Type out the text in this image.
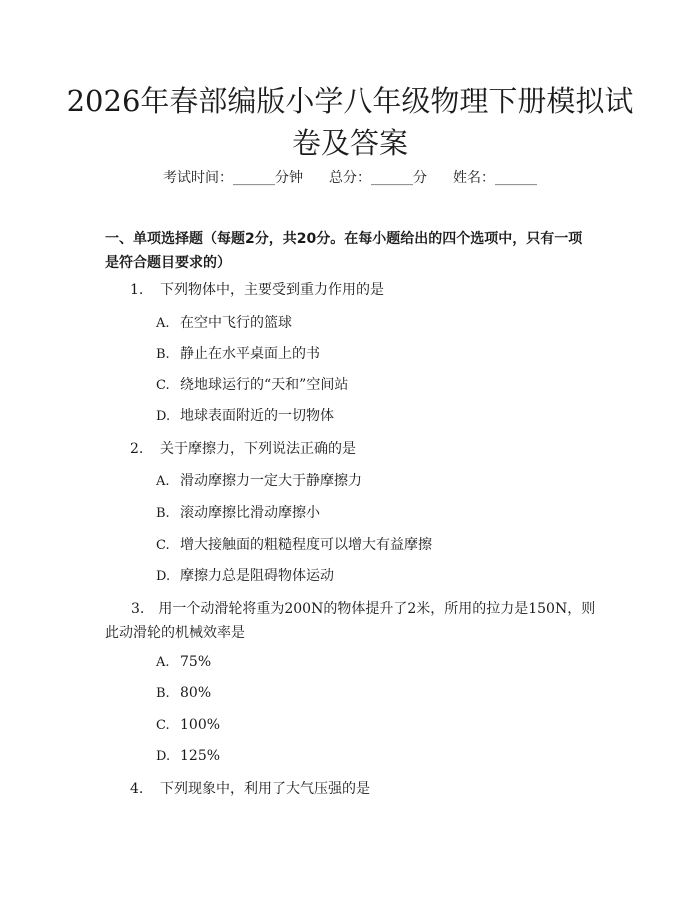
2026年春部编版小学八年级物理下册模拟试卷及答案
考试时间：______分钟 总分：______分 姓名：______
一、单项选择题（每题2分，共20分。在每小题给出的四个选项中，只有一项是符合题目要求的）
1. 下列物体中，主要受到重力作用的是
A. 在空中飞行的篮球
B. 静止在水平桌面上的书
C. 绕地球运行的“天和”空间站
D. 地球表面附近的一切物体
2. 关于摩擦力，下列说法正确的是
A. 滑动摩擦力一定大于静摩擦力
B. 滚动摩擦比滑动摩擦小
C. 增大接触面的粗糙程度可以增大有益摩擦
D. 摩擦力总是阻碍物体运动
3. 用一个动滑轮将重为200N的物体提升了2米，所用的拉力是150N，则此动滑轮的机械效率是
A. 75%
B. 80%
C. 100%
D. 125%
4. 下列现象中，利用了大气压强的是
